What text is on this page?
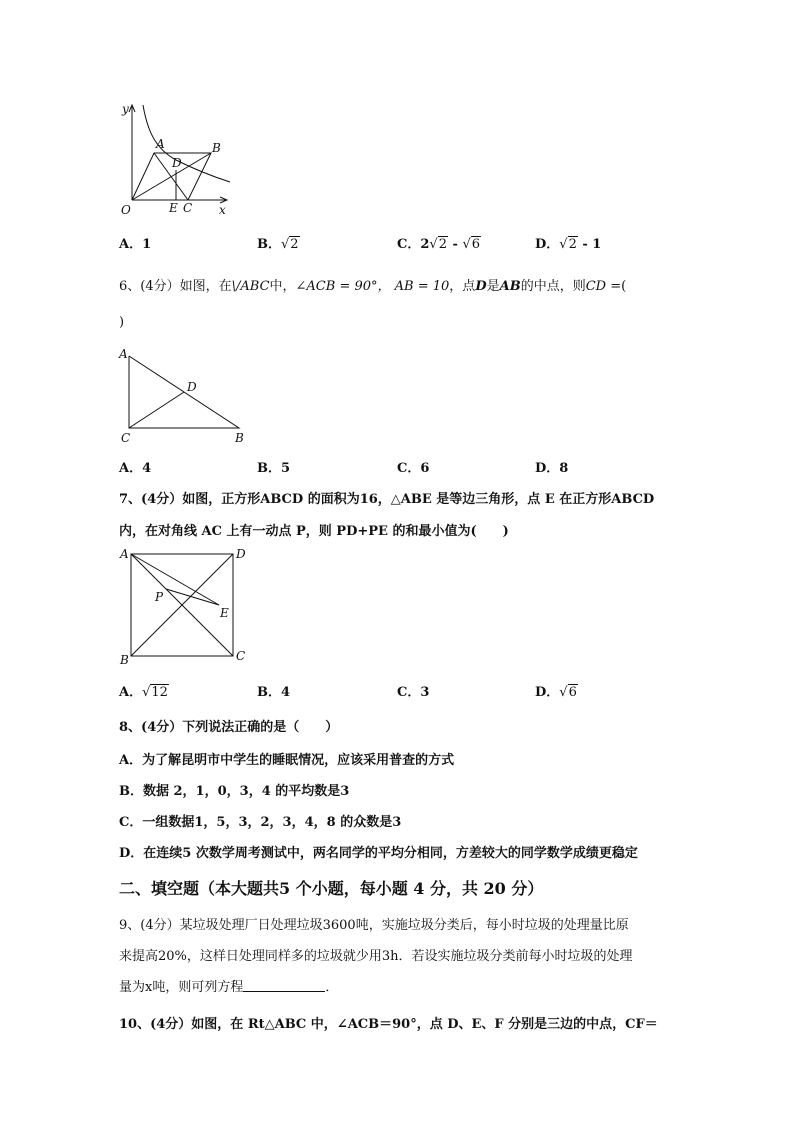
y
x
O
A	B
D
E C
A．1	B．√2	C．2√2 - √6	D．√2 - 1
6、(4分）如图，在\/ABC中，∠ACB = 90°， AB = 10，点D是AB的中点，则CD =(
)
A
D
C	B
A．4	B．5	C．6	D．8
7、(4分）如图，正方形ABCD 的面积为16，△ABE 是等边三角形，点 E 在正方形ABCD
内，在对角线 AC 上有一动点 P，则 PD+PE 的和最小值为(　　)
A	D
B	C
P
E
A．√12	B．4	C．3	D．√6
8、(4分）下列说法正确的是（　　）
A．为了解昆明市中学生的睡眠情况，应该采用普查的方式
B．数据 2，1，0，3，4 的平均数是3
C．一组数据1，5，3，2，3，4，8 的众数是3
D．在连续5 次数学周考测试中，两名同学的平均分相同，方差较大的同学数学成绩更稳定
二、填空题（本大题共5 个小题，每小题 4 分，共 20 分）
9、(4分）某垃圾处理厂日处理垃圾3600吨，实施垃圾分类后，每小时垃圾的处理量比原
来提高20%，这样日处理同样多的垃圾就少用3h．若设实施垃圾分类前每小时垃圾的处理
量为x吨，则可列方程	．
10、(4分）如图，在 Rt△ABC 中，∠ACB＝90°，点 D、E、F 分别是三边的中点，CF＝
